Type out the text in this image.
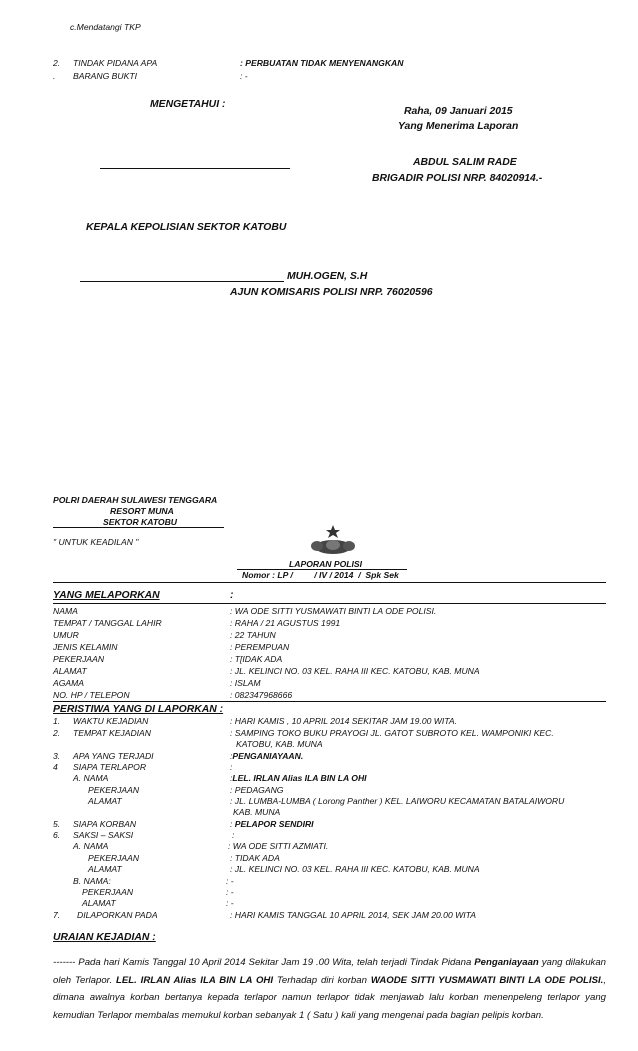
c.Mendatangi TKP
2. TINDAK PIDANA APA	: PERBUATAN TIDAK MENYENANGKAN
. BARANG BUKTI	: -
MENGETAHUI :
Raha, 09 Januari 2015
Yang Menerima Laporan
ABDUL SALIM RADE
BRIGADIR POLISI NRP. 84020914.-
KEPALA KEPOLISIAN SEKTOR KATOBU
MUH.OGEN, S.H
AJUN KOMISARIS POLISI NRP. 76020596
POLRI DAERAH SULAWESI TENGGARA
RESORT MUNA
SEKTOR KATOBU
" UNTUK KEADILAN "
LAPORAN POLISI
Nomor : LP /         / IV / 2014  /  Spk Sek
YANG MELAPORKAN	:
NAMA	: WA ODE SITTI YUSMAWATI BINTI LA ODE POLISI.
TEMPAT / TANGGAL LAHIR	: RAHA / 21 AGUSTUS 1991
UMUR	: 22 TAHUN
JENIS KELAMIN	: PEREMPUAN
PEKERJAAN	: T[IDAK ADA
ALAMAT	: JL. KELINCI NO. 03 KEL. RAHA III KEC. KATOBU, KAB. MUNA
AGAMA	: ISLAM
NO. HP / TELEPON	: 082347968666
PERISTIWA YANG DI LAPORKAN :
1. WAKTU KEJADIAN	: HARI KAMIS , 10 APRIL 2014 SEKITAR JAM 19.00 WITA.
2. TEMPAT KEJADIAN	: SAMPING TOKO BUKU PRAYOGI JL. GATOT SUBROTO KEL. WAMPONIKI KEC.
KATOBU, KAB. MUNA
3. APA YANG TERJADI	:PENGANIAYAAN.
4 SIAPA TERLAPOR	:
A. NAMA	:LEL. IRLAN Alias ILA BIN LA OHI
PEKERJAAN	: PEDAGANG
ALAMAT	: JL. LUMBA-LUMBA ( Lorong Panther ) KEL. LAIWORU KECAMATAN BATALAIWORU
KAB. MUNA
5. SIAPA KORBAN	: PELAPOR SENDIRI
6. SAKSI – SAKSI	:
A. NAMA	: WA ODE SITTI AZMIATI.
PEKERJAAN	: TIDAK ADA
ALAMAT	: JL. KELINCI NO. 03 KEL. RAHA III KEC. KATOBU, KAB. MUNA
B. NAMA:	: -
PEKERJAAN	: -
ALAMAT	: -
7. DILAPORKAN PADA	: HARI KAMIS TANGGAL 10 APRIL 2014, SEK JAM 20.00 WITA
URAIAN KEJADIAN :
------- Pada hari Kamis Tanggal 10 April 2014 Sekitar Jam 19 .00 Wita, telah terjadi Tindak Pidana Penganiayaan yang dilakukan oleh Terlapor. LEL. IRLAN Alias ILA BIN LA OHI Terhadap diri korban WAODE SITTI YUSMAWATI BINTI LA ODE POLISI., dimana awalnya korban bertanya kepada terlapor namun terlapor tidak menjawab lalu korban menenpeleng terlapor yang kemudian Terlapor membalas memukul korban sebanyak 1 ( Satu ) kali yang mengenai pada bagian pelipis korban.
